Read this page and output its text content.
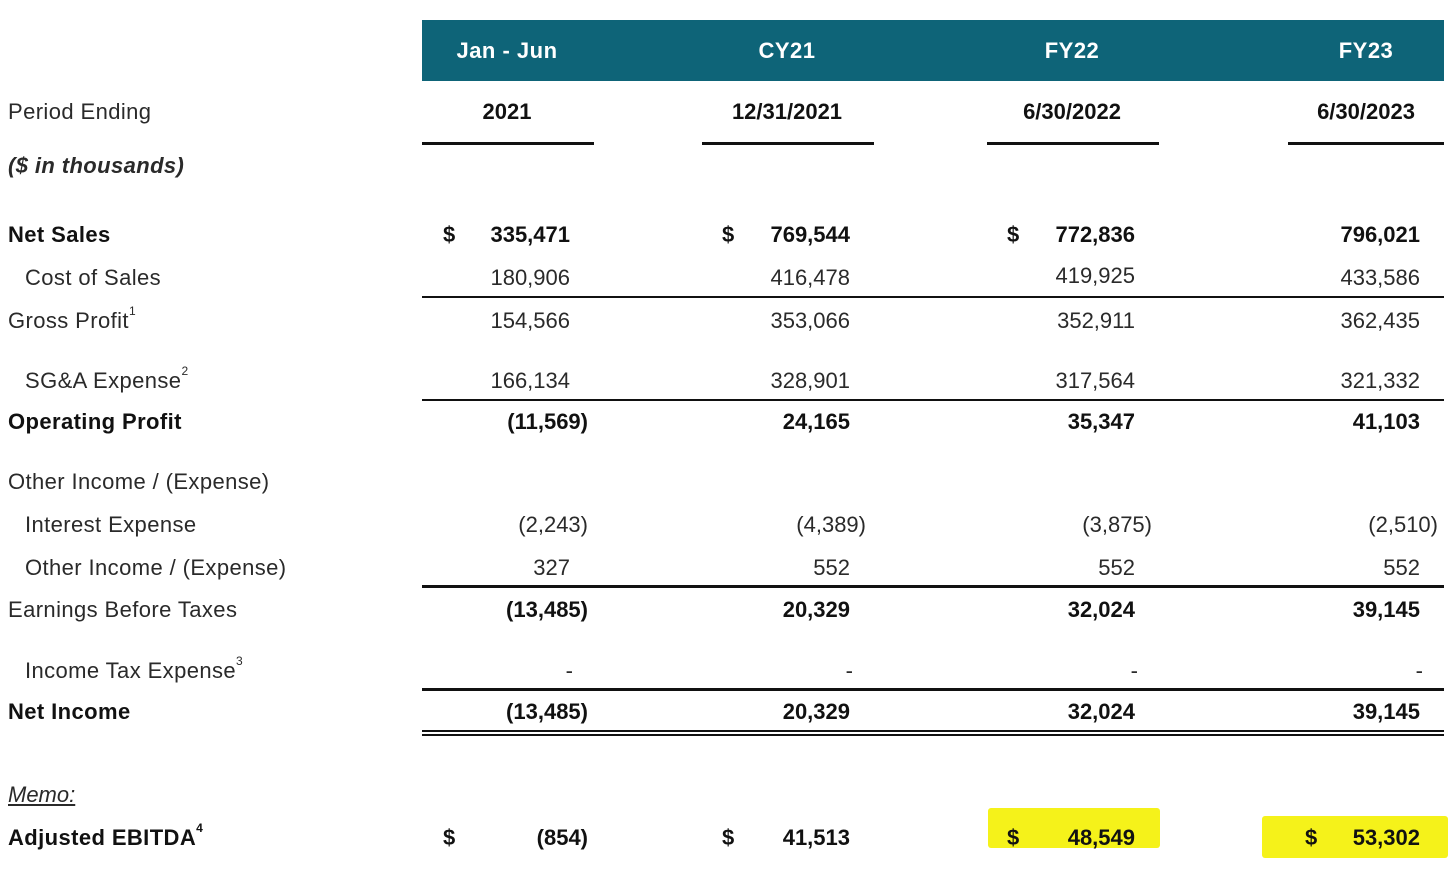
Jan - Jun	CY21	FY22	FY23
Period Ending	2021	12/31/2021	6/30/2022	6/30/2023
($ in thousands)
Net Sales	$	335,471	$	769,544	$	772,836	796,021
Cost of Sales	180,906	416,478	419,925	433,586
Gross Profit$^1$	154,566	353,066	352,911	362,435
SG&A Expense$^2$	166,134	328,901	317,564	321,332
Operating Profit	(11,569)	24,165	35,347	41,103
Other Income / (Expense)
Interest Expense	(2,243)	(4,389)	(3,875)	(2,510)
Other Income / (Expense)	327	552	552	552
Earnings Before Taxes	(13,485)	20,329	32,024	39,145
Income Tax Expense$^3$	-	-	-	-
Net Income	(13,485)	20,329	32,024	39,145
Memo:
Adjusted EBITDA$^4$	$	(854)	$	41,513	$	48,549	$	53,302
